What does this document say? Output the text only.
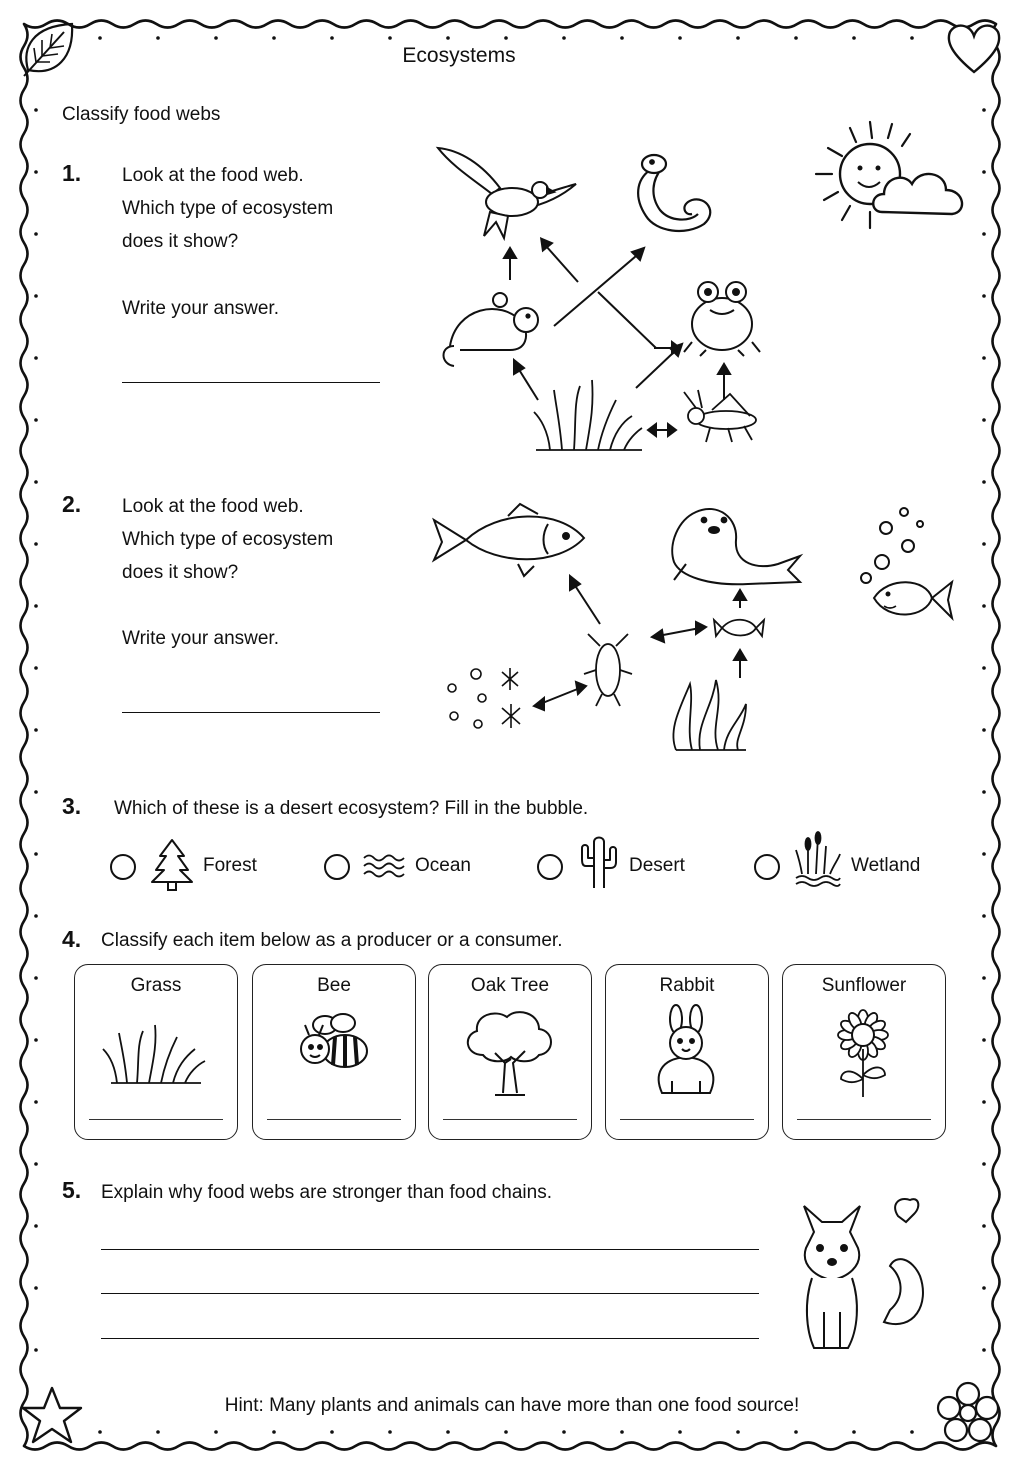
Ecosystems
Classify food webs
1. Look at the food web.
Which type of ecosystem
does it show?
Write your answer.
2. Look at the food web.
Which type of ecosystem
does it show?
Write your answer.
3. Which of these is a desert ecosystem? Fill in the bubble.
Forest	Ocean	Desert	Wetland
4. Classify each item below as a producer or a consumer.
Grass	Bee	Oak Tree	Rabbit	Sunflower
5. Explain why food webs are stronger than food chains.
Hint: Many plants and animals can have more than one food source!
